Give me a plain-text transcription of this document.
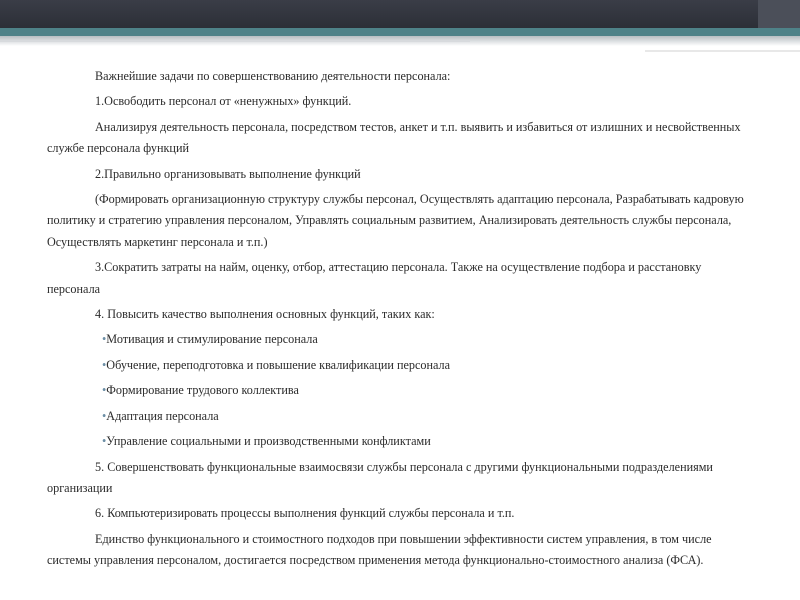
Важнейшие задачи по совершенствованию деятельности персонала:

1.Освободить персонал от «ненужных» функций.

Анализируя деятельность персонала, посредством тестов, анкет и т.п. выявить и избавиться от излишних и несвойственных службе персонала функций

2.Правильно организовывать выполнение функций

(Формировать организационную структуру службы персонал, Осуществлять адаптацию персонала, Разрабатывать кадровую политику и стратегию управления персоналом, Управлять социальным развитием, Анализировать деятельность службы персонала, Осуществлять маркетинг персонала и т.п.)

3.Сократить затраты на найм, оценку, отбор, аттестацию персонала. Также на осуществление подбора и расстановку персонала

4. Повысить качество выполнения основных функций, таких как:

•Мотивация и стимулирование персонала

•Обучение, переподготовка и повышение квалификации персонала

•Формирование трудового коллектива

•Адаптация персонала

•Управление социальными и производственными конфликтами

5. Совершенствовать функциональные взаимосвязи службы персонала с другими функциональными подразделениями организации

6. Компьютеризировать процессы выполнения функций службы персонала и т.п.

Единство функционального и стоимостного подходов при повышении эффективности систем управления, в том числе системы управления персоналом, достигается посредством применения метода функционально-стоимостного анализа (ФСА).
